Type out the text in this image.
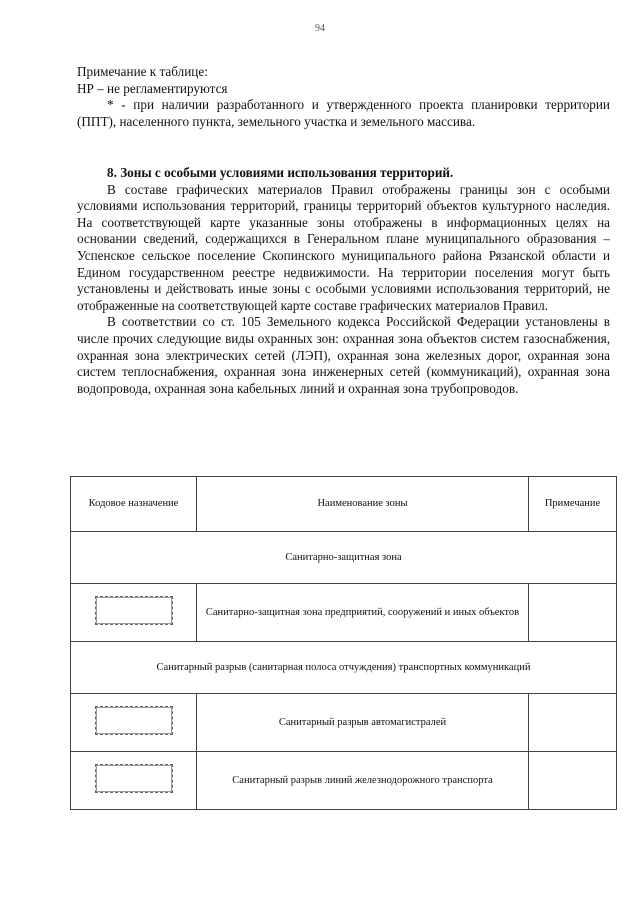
94

Примечание к таблице:

НР – не регламентируются

* - при наличии разработанного и утвержденного проекта планировки территории (ППТ), населенного пункта, земельного участка и земельного массива.

8. Зоны с особыми условиями использования территорий.

В составе графических материалов Правил отображены границы зон с особыми условиями использования территорий, границы территорий объектов культурного наследия. На соответствующей карте указанные зоны отображены в информационных целях на основании сведений, содержащихся в Генеральном плане муниципального образования – Успенское сельское поселение Скопинского муниципального района Рязанской области и Едином государственном реестре недвижимости. На территории поселения могут быть установлены и действовать иные зоны с особыми условиями использования территорий, не отображенные на соответствующей карте составе графических материалов Правил.

В соответствии со ст. 105 Земельного кодекса Российской Федерации установлены в числе прочих следующие виды охранных зон: охранная зона объектов систем газоснабжения, охранная зона электрических сетей (ЛЭП), охранная зона железных дорог, охранная зона систем теплоснабжения, охранная зона инженерных сетей (коммуникаций), охранная зона водопровода, охранная зона кабельных линий и охранная зона трубопроводов.

Кодовое назначение	Наименование зоны	Примечание
Санитарно-защитная зона		
	Санитарно-защитная зона предприятий, сооружений и иных объектов	
Санитарный разрыв (санитарная полоса отчуждения) транспортных коммуникаций		
	Санитарный разрыв автомагистралей	
	Санитарный разрыв линий железнодорожного транспорта	
